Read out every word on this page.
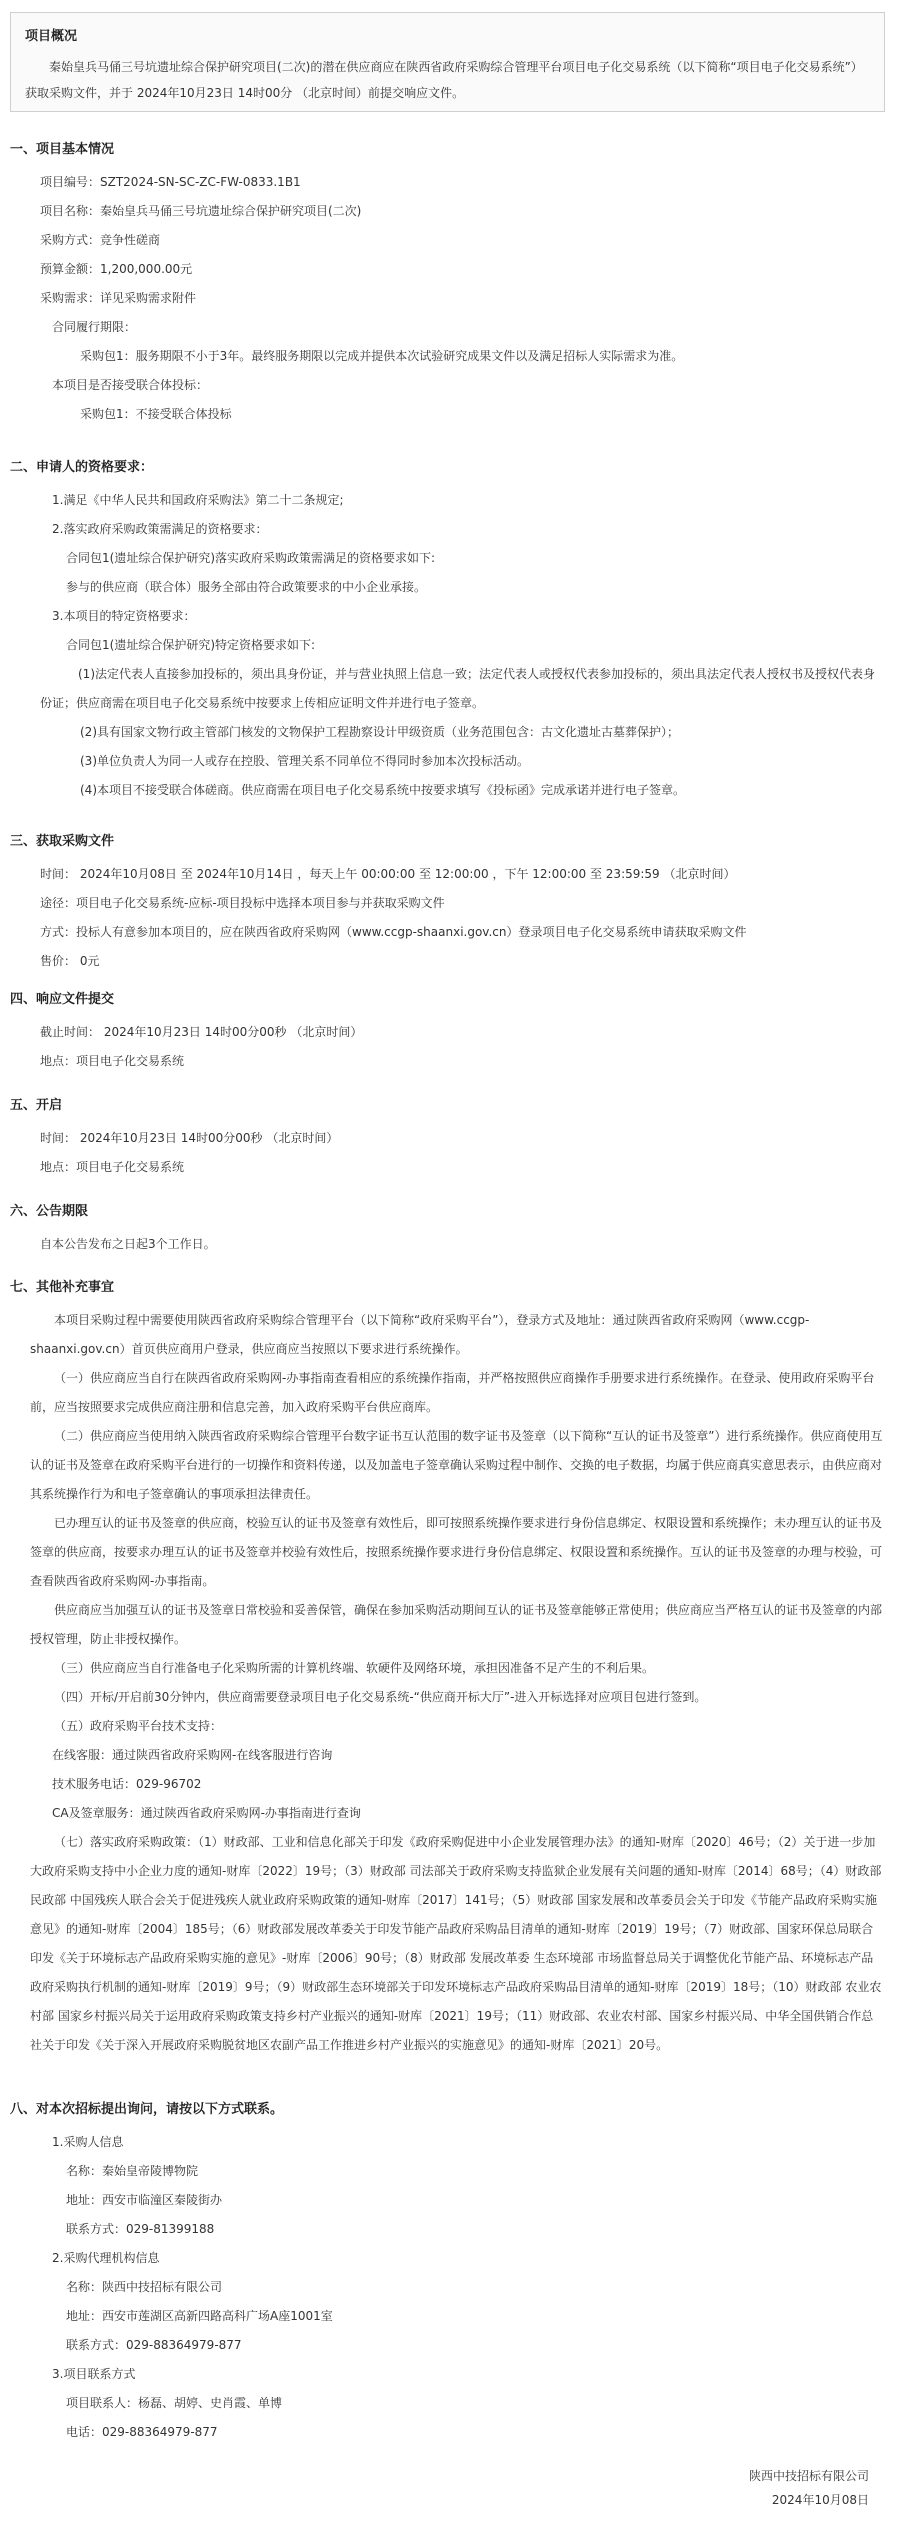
项目概况
秦始皇兵马俑三号坑遗址综合保护研究项目(二次)的潜在供应商应在陕西省政府采购综合管理平台项目电子化交易系统（以下简称“项目电子化交易系统”）获取采购文件，并于 2024年10月23日 14时00分 （北京时间）前提交响应文件。
一、项目基本情况
项目编号：SZT2024-SN-SC-ZC-FW-0833.1B1
项目名称：秦始皇兵马俑三号坑遗址综合保护研究项目(二次)
采购方式：竞争性磋商
预算金额：1,200,000.00元
采购需求：详见采购需求附件
合同履行期限：
采购包1：服务期限不小于3年。最终服务期限以完成并提供本次试验研究成果文件以及满足招标人实际需求为准。
本项目是否接受联合体投标：
采购包1：不接受联合体投标
二、申请人的资格要求：
1.满足《中华人民共和国政府采购法》第二十二条规定;
2.落实政府采购政策需满足的资格要求：
合同包1(遗址综合保护研究)落实政府采购政策需满足的资格要求如下:
参与的供应商（联合体）服务全部由符合政策要求的中小企业承接。
3.本项目的特定资格要求：
合同包1(遗址综合保护研究)特定资格要求如下:
(1)法定代表人直接参加投标的，须出具身份证，并与营业执照上信息一致；法定代表人或授权代表参加投标的，须出具法定代表人授权书及授权代表身份证；供应商需在项目电子化交易系统中按要求上传相应证明文件并进行电子签章。
(2)具有国家文物行政主管部门核发的文物保护工程勘察设计甲级资质（业务范围包含：古文化遗址古墓葬保护）；
(3)单位负责人为同一人或存在控股、管理关系不同单位不得同时参加本次投标活动。
(4)本项目不接受联合体磋商。供应商需在项目电子化交易系统中按要求填写《投标函》完成承诺并进行电子签章。
三、获取采购文件
时间： 2024年10月08日 至 2024年10月14日 ，每天上午 00:00:00 至 12:00:00 ，下午 12:00:00 至 23:59:59 （北京时间）
途径：项目电子化交易系统-应标-项目投标中选择本项目参与并获取采购文件
方式：投标人有意参加本项目的，应在陕西省政府采购网（www.ccgp-shaanxi.gov.cn）登录项目电子化交易系统申请获取采购文件
售价： 0元
四、响应文件提交
截止时间： 2024年10月23日 14时00分00秒 （北京时间）
地点：项目电子化交易系统
五、开启
时间： 2024年10月23日 14时00分00秒 （北京时间）
地点：项目电子化交易系统
六、公告期限
自本公告发布之日起3个工作日。
七、其他补充事宜
本项目采购过程中需要使用陕西省政府采购综合管理平台（以下简称“政府采购平台”），登录方式及地址：通过陕西省政府采购网（www.ccgp-shaanxi.gov.cn）首页供应商用户登录，供应商应当按照以下要求进行系统操作。
（一）供应商应当自行在陕西省政府采购网-办事指南查看相应的系统操作指南，并严格按照供应商操作手册要求进行系统操作。在登录、使用政府采购平台前，应当按照要求完成供应商注册和信息完善，加入政府采购平台供应商库。
（二）供应商应当使用纳入陕西省政府采购综合管理平台数字证书互认范围的数字证书及签章（以下简称“互认的证书及签章”）进行系统操作。供应商使用互认的证书及签章在政府采购平台进行的一切操作和资料传递，以及加盖电子签章确认采购过程中制作、交换的电子数据，均属于供应商真实意思表示，由供应商对其系统操作行为和电子签章确认的事项承担法律责任。
已办理互认的证书及签章的供应商，校验互认的证书及签章有效性后，即可按照系统操作要求进行身份信息绑定、权限设置和系统操作；未办理互认的证书及签章的供应商，按要求办理互认的证书及签章并校验有效性后，按照系统操作要求进行身份信息绑定、权限设置和系统操作。互认的证书及签章的办理与校验，可查看陕西省政府采购网-办事指南。
供应商应当加强互认的证书及签章日常校验和妥善保管，确保在参加采购活动期间互认的证书及签章能够正常使用；供应商应当严格互认的证书及签章的内部授权管理，防止非授权操作。
（三）供应商应当自行准备电子化采购所需的计算机终端、软硬件及网络环境，承担因准备不足产生的不利后果。
（四）开标/开启前30分钟内，供应商需要登录项目电子化交易系统-“供应商开标大厅”-进入开标选择对应项目包进行签到。
（五）政府采购平台技术支持：
在线客服：通过陕西省政府采购网-在线客服进行咨询
技术服务电话：029-96702
CA及签章服务：通过陕西省政府采购网-办事指南进行查询
（七）落实政府采购政策：（1）财政部、工业和信息化部关于印发《政府采购促进中小企业发展管理办法》的通知-财库〔2020〕46号；（2）关于进一步加大政府采购支持中小企业力度的通知-财库〔2022〕19号；（3）财政部 司法部关于政府采购支持监狱企业发展有关问题的通知-财库〔2014〕68号；（4）财政部 民政部 中国残疾人联合会关于促进残疾人就业政府采购政策的通知-财库〔2017〕141号；（5）财政部 国家发展和改革委员会关于印发《节能产品政府采购实施意见》的通知-财库〔2004〕185号；（6）财政部发展改革委关于印发节能产品政府采购品目清单的通知-财库〔2019〕19号；（7）财政部、国家环保总局联合印发《关于环境标志产品政府采购实施的意见》-财库〔2006〕90号；（8）财政部 发展改革委 生态环境部 市场监督总局关于调整优化节能产品、环境标志产品政府采购执行机制的通知-财库〔2019〕9号；（9）财政部生态环境部关于印发环境标志产品政府采购品目清单的通知-财库〔2019〕18号；（10）财政部 农业农村部 国家乡村振兴局关于运用政府采购政策支持乡村产业振兴的通知-财库〔2021〕19号；（11）财政部、农业农村部、国家乡村振兴局、中华全国供销合作总社关于印发《关于深入开展政府采购脱贫地区农副产品工作推进乡村产业振兴的实施意见》的通知-财库〔2021〕20号。
八、对本次招标提出询问，请按以下方式联系。
1.采购人信息
名称：秦始皇帝陵博物院
地址：西安市临潼区秦陵街办
联系方式：029-81399188
2.采购代理机构信息
名称：陕西中技招标有限公司
地址：西安市莲湖区高新四路高科广场A座1001室
联系方式：029-88364979-877
3.项目联系方式
项目联系人：杨磊、胡婷、史肖霞、单博
电话：029-88364979-877
陕西中技招标有限公司
2024年10月08日
